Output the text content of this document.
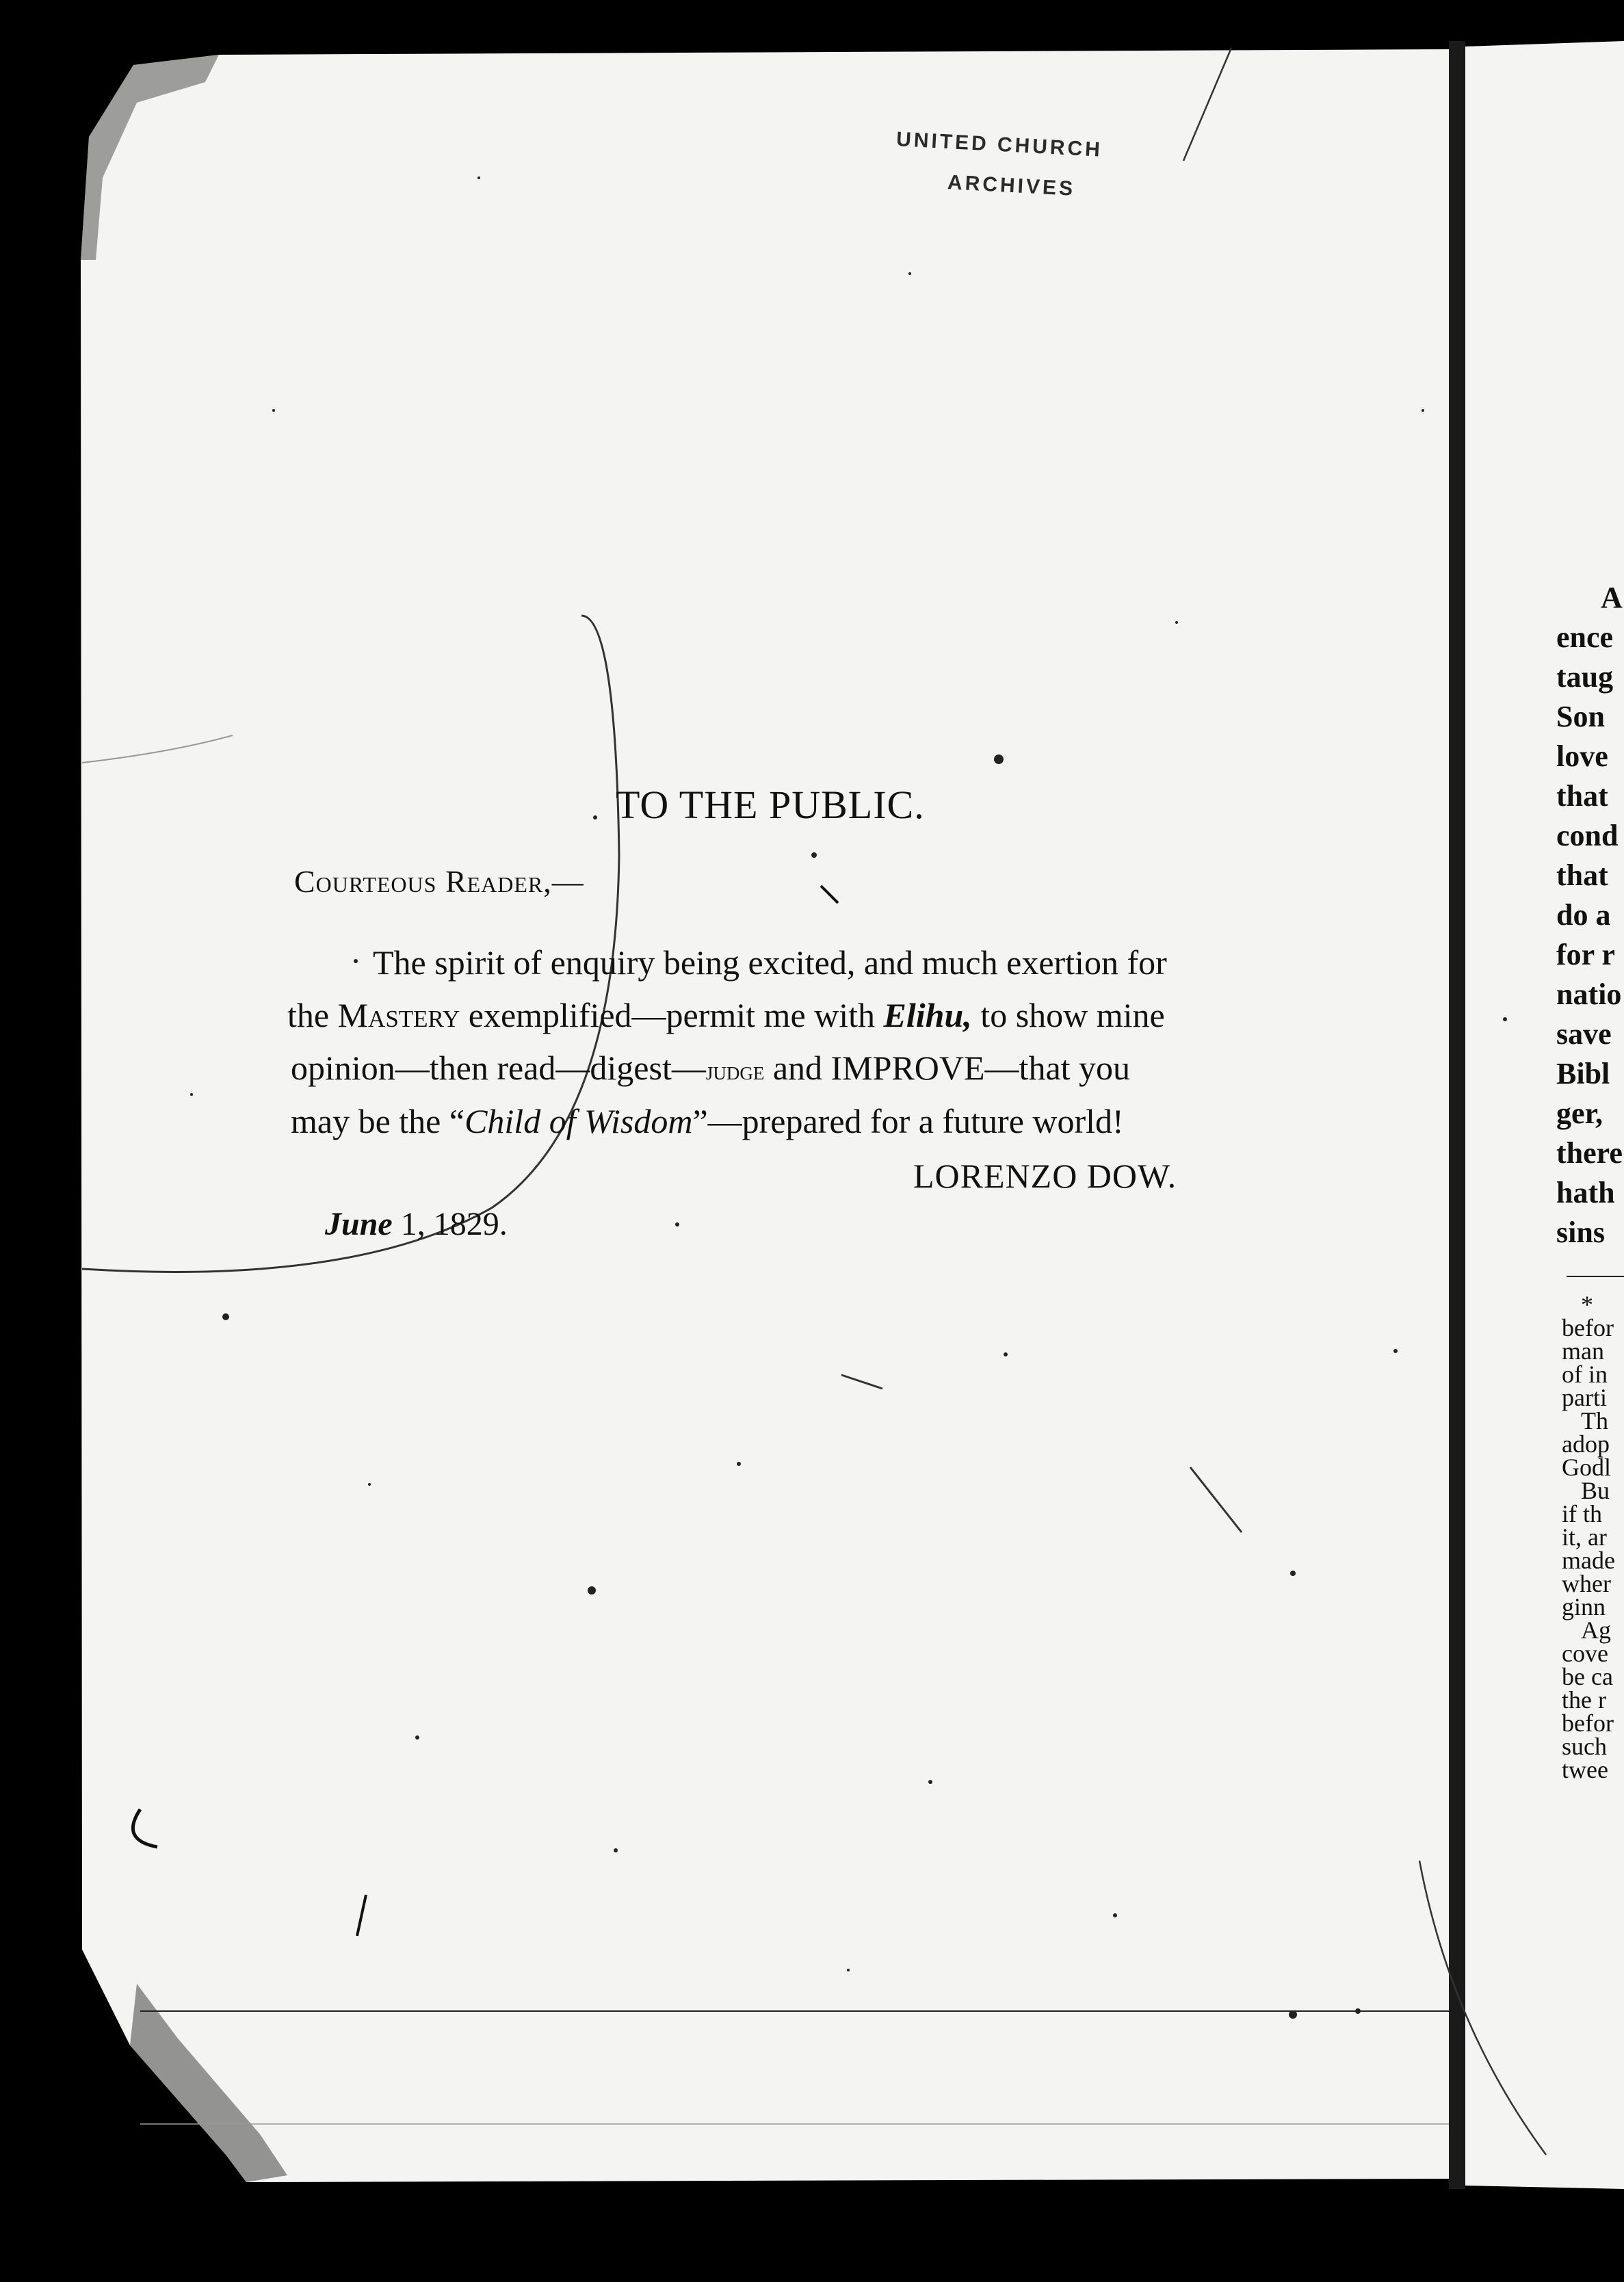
UNITED CHURCH
ARCHIVES
TO THE PUBLIC.
Courteous Reader,—
The spirit of enquiry being excited, and much exertion for
the Mastery exemplified—permit me with Elihu, to show mine
opinion—then read—digest—judge and IMPROVE—that you
may be the “Child of Wisdom”—prepared for a future world!
LORENZO DOW.
June 1, 1829.
A
ence
taug
Son
love
that
cond
that
do a
for r
natio
save
Bibl
ger,
there
hath
sins
*
befor
man
of in
parti
Th
adop
Godl
Bu
if th
it, ar
made
wher
ginn
Ag
cove
be ca
the r
befor
such
twee
